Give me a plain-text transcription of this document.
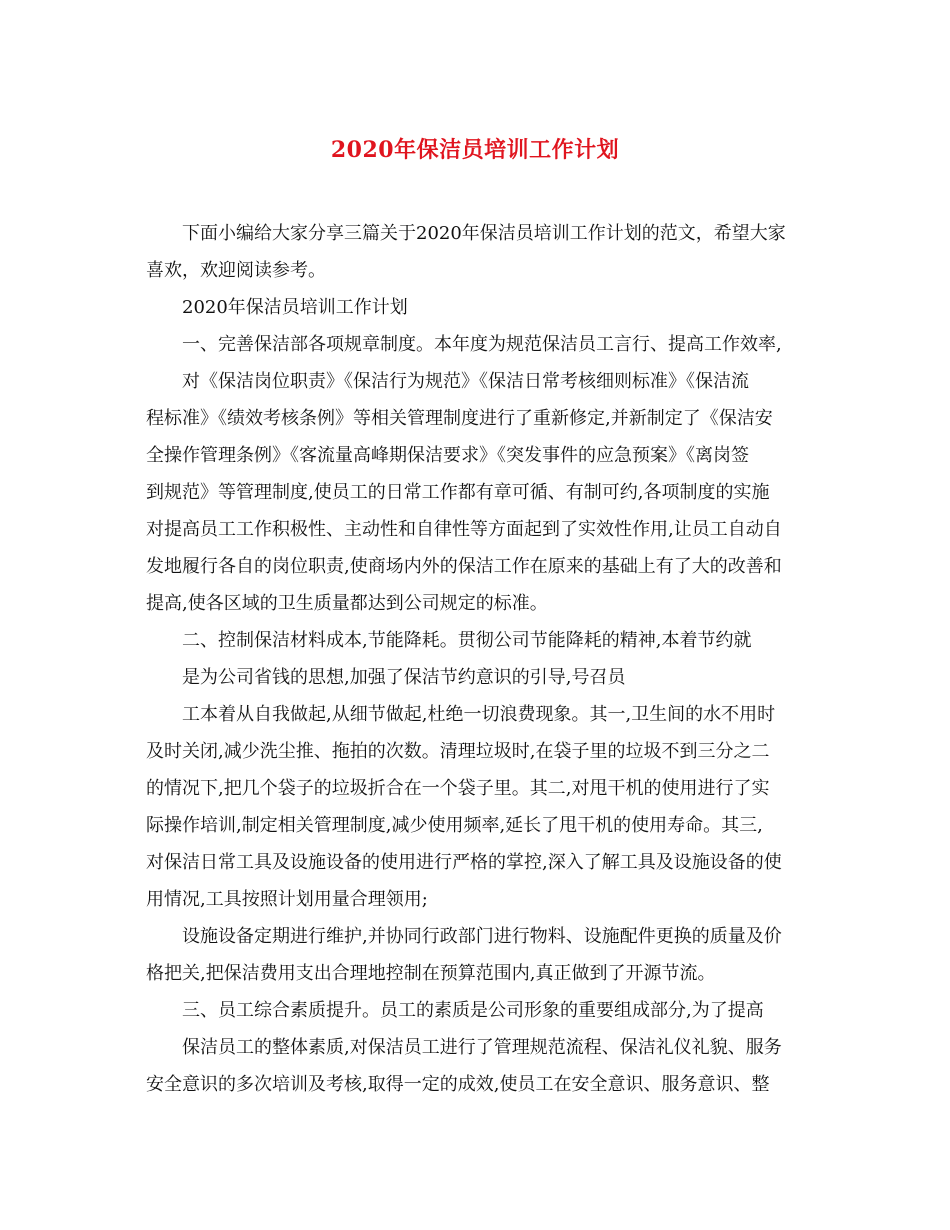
2020年保洁员培训工作计划
下面小编给大家分享三篇关于2020年保洁员培训工作计划的范文，希望大家
喜欢，欢迎阅读参考。
2020年保洁员培训工作计划
一、完善保洁部各项规章制度。本年度为规范保洁员工言行、提高工作效率,
对《保洁岗位职责》《保洁行为规范》《保洁日常考核细则标准》《保洁流
程标准》《绩效考核条例》等相关管理制度进行了重新修定,并新制定了《保洁安
全操作管理条例》《客流量高峰期保洁要求》《突发事件的应急预案》《离岗签
到规范》等管理制度,使员工的日常工作都有章可循、有制可约,各项制度的实施
对提高员工工作积极性、主动性和自律性等方面起到了实效性作用,让员工自动自
发地履行各自的岗位职责,使商场内外的保洁工作在原来的基础上有了大的改善和
提高,使各区域的卫生质量都达到公司规定的标准。
二、控制保洁材料成本,节能降耗。贯彻公司节能降耗的精神,本着节约就
是为公司省钱的思想,加强了保洁节约意识的引导,号召员
工本着从自我做起,从细节做起,杜绝一切浪费现象。其一,卫生间的水不用时
及时关闭,减少洗尘推、拖拍的次数。清理垃圾时,在袋子里的垃圾不到三分之二
的情况下,把几个袋子的垃圾折合在一个袋子里。其二,对甩干机的使用进行了实
际操作培训,制定相关管理制度,减少使用频率,延长了甩干机的使用寿命。其三,
对保洁日常工具及设施设备的使用进行严格的掌控,深入了解工具及设施设备的使
用情况,工具按照计划用量合理领用;
设施设备定期进行维护,并协同行政部门进行物料、设施配件更换的质量及价
格把关,把保洁费用支出合理地控制在预算范围内,真正做到了开源节流。
三、员工综合素质提升。员工的素质是公司形象的重要组成部分,为了提高
保洁员工的整体素质,对保洁员工进行了管理规范流程、保洁礼仪礼貌、服务
安全意识的多次培训及考核,取得一定的成效,使员工在安全意识、服务意识、整
